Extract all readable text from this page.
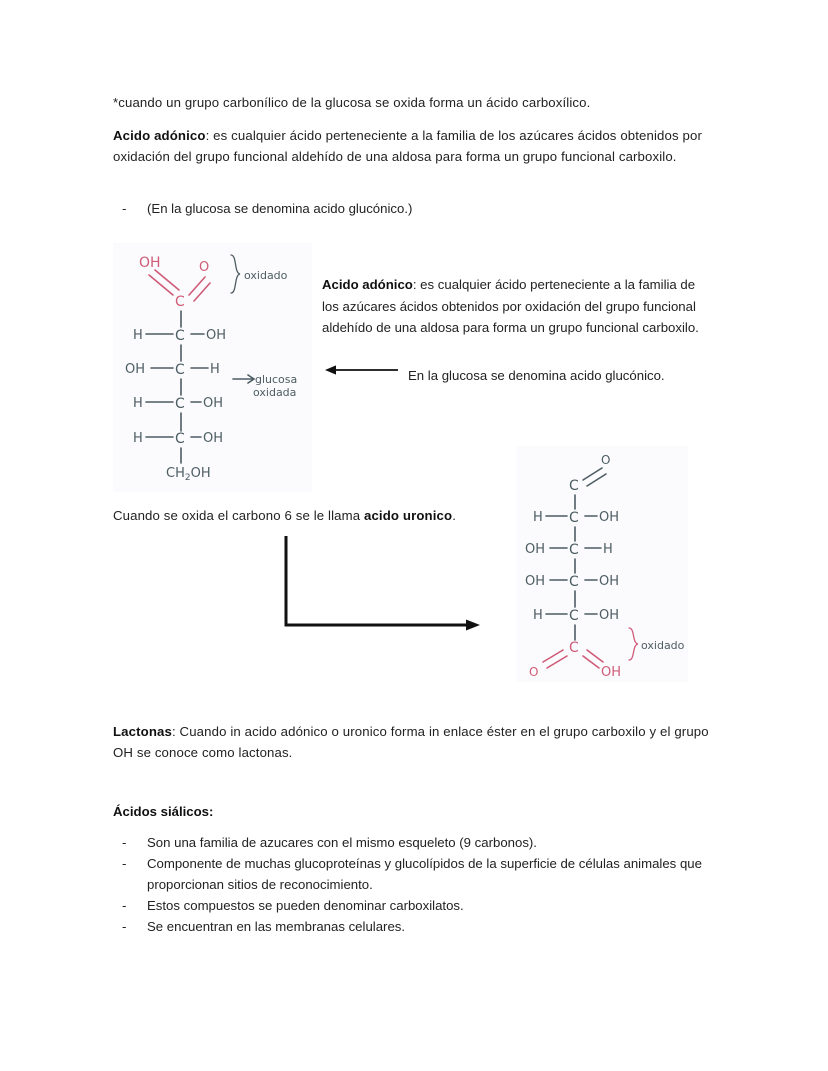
*cuando un grupo carbonílico de la glucosa se oxida forma un ácido carboxílico.
Acido adónico: es cualquier ácido perteneciente a la familia de los azúcares ácidos obtenidos por oxidación del grupo funcional aldehído de una aldosa para forma un grupo funcional carboxilo.
-	(En la glucosa se denomina acido glucónico.)
OH	O
C
oxidado
H C OH
OH C H
H C OH
H C OH
$CH_2OH$
glucosa
oxidada
Acido adónico: es cualquier ácido perteneciente a la familia de los azúcares ácidos obtenidos por oxidación del grupo funcional aldehído de una aldosa para forma un grupo funcional carboxilo.
En la glucosa se denomina acido glucónico.
Cuando se oxida el carbono 6 se le llama acido uronico.
O
C
H C OH
OH C H
OH C OH
H C OH
C
O	OH
oxidado
Lactonas: Cuando in acido adónico o uronico forma in enlace éster en el grupo carboxilo y el grupo OH se conoce como lactonas.
Ácidos siálicos:
-	Son una familia de azucares con el mismo esqueleto (9 carbonos).
-	Componente de muchas glucoproteínas y glucolípidos de la superficie de células animales que proporcionan sitios de reconocimiento.
-	Estos compuestos se pueden denominar carboxilatos.
-	Se encuentran en las membranas celulares.
